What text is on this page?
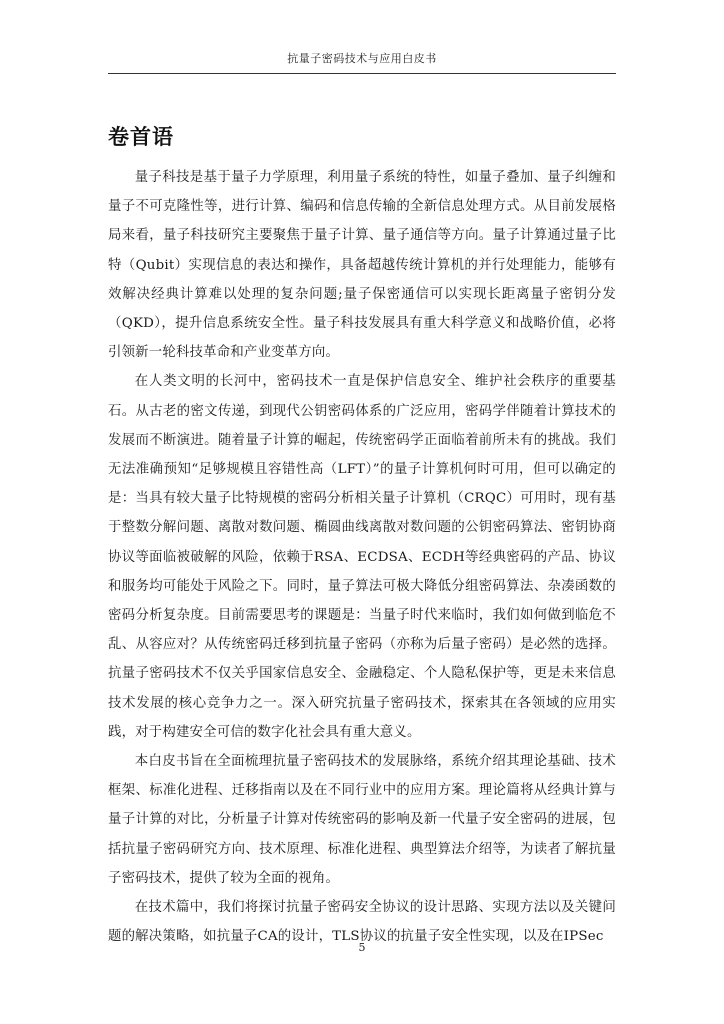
抗量子密码技术与应用白皮书
卷首语

量子科技是基于量子力学原理，利用量子系统的特性，如量子叠加、量子纠缠和量子不可克隆性等，进行计算、编码和信息传输的全新信息处理方式。从目前发展格局来看，量子科技研究主要聚焦于量子计算、量子通信等方向。量子计算通过量子比特（Qubit）实现信息的表达和操作，具备超越传统计算机的并行处理能力，能够有效解决经典计算难以处理的复杂问题;量子保密通信可以实现长距离量子密钥分发（QKD），提升信息系统安全性。量子科技发展具有重大科学意义和战略价值，必将引领新一轮科技革命和产业变革方向。

在人类文明的长河中，密码技术一直是保护信息安全、维护社会秩序的重要基石。从古老的密文传递，到现代公钥密码体系的广泛应用，密码学伴随着计算技术的发展而不断演进。随着量子计算的崛起，传统密码学正面临着前所未有的挑战。我们无法准确预知“足够规模且容错性高（LFT）”的量子计算机何时可用，但可以确定的是：当具有较大量子比特规模的密码分析相关量子计算机（CRQC）可用时，现有基于整数分解问题、离散对数问题、椭圆曲线离散对数问题的公钥密码算法、密钥协商协议等面临被破解的风险，依赖于RSA、ECDSA、ECDH等经典密码的产品、协议和服务均可能处于风险之下。同时，量子算法可极大降低分组密码算法、杂凑函数的密码分析复杂度。目前需要思考的课题是：当量子时代来临时，我们如何做到临危不乱、从容应对？从传统密码迁移到抗量子密码（亦称为后量子密码）是必然的选择。抗量子密码技术不仅关乎国家信息安全、金融稳定、个人隐私保护等，更是未来信息技术发展的核心竞争力之一。深入研究抗量子密码技术，探索其在各领域的应用实践，对于构建安全可信的数字化社会具有重大意义。

本白皮书旨在全面梳理抗量子密码技术的发展脉络，系统介绍其理论基础、技术框架、标准化进程、迁移指南以及在不同行业中的应用方案。理论篇将从经典计算与量子计算的对比，分析量子计算对传统密码的影响及新一代量子安全密码的进展，包括抗量子密码研究方向、技术原理、标准化进程、典型算法介绍等，为读者了解抗量子密码技术，提供了较为全面的视角。

在技术篇中，我们将探讨抗量子密码安全协议的设计思路、实现方法以及关键问题的解决策略，如抗量子CA的设计，TLS协议的抗量子安全性实现，以及在IPSec

5
